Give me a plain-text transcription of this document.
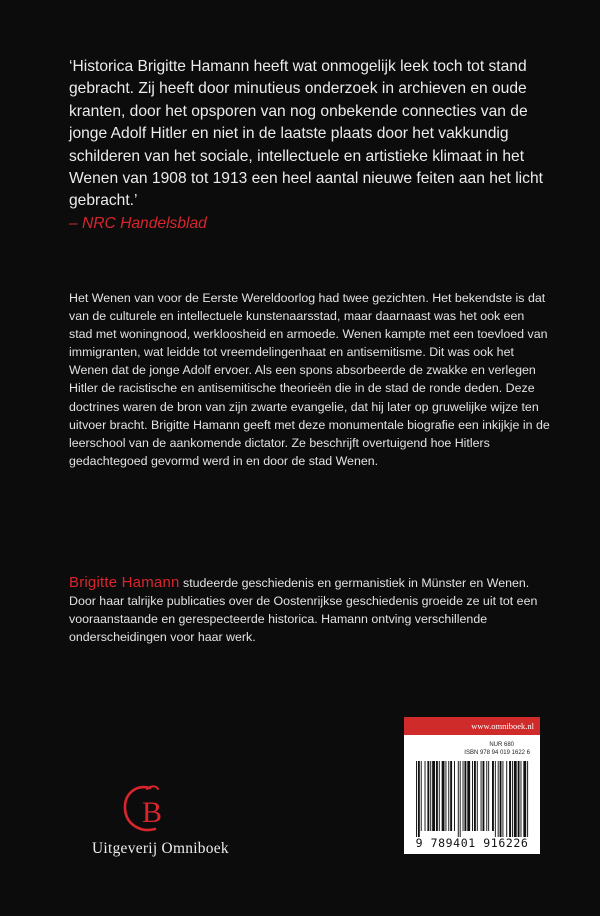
‘Historica Brigitte Hamann heeft wat onmogelijk leek toch tot stand gebracht. Zij heeft door minutieus onderzoek in archieven en oude kranten, door het opsporen van nog onbekende connecties van de jonge Adolf Hitler en niet in de laatste plaats door het vakkundig schilderen van het sociale, intellectuele en artistieke klimaat in het Wenen van 1908 tot 1913 een heel aantal nieuwe feiten aan het licht gebracht.’
– NRC Handelsblad
Het Wenen van voor de Eerste Wereldoorlog had twee gezichten. Het bekendste is dat van de culturele en intellectuele kunstenaarsstad, maar daarnaast was het ook een stad met woningnood, werkloosheid en armoede. Wenen kampte met een toevloed van immigranten, wat leidde tot vreemdelingenhaat en antisemitisme. Dit was ook het Wenen dat de jonge Adolf ervoer. Als een spons absorbeerde de zwakke en verlegen Hitler de racistische en antisemitische theorieën die in de stad de ronde deden. Deze doctrines waren de bron van zijn zwarte evangelie, dat hij later op gruwelijke wijze ten uitvoer bracht. Brigitte Hamann geeft met deze monumentale biografie een inkijkje in de leerschool van de aankomende dictator. Ze beschrijft overtuigend hoe Hitlers gedachtegoed gevormd werd in en door de stad Wenen.
Brigitte Hamann studeerde geschiedenis en germanistiek in Münster en Wenen. Door haar talrijke publicaties over de Oostenrijkse geschiedenis groeide ze uit tot een vooraanstaande en gerespecteerde historica. Hamann ontving verschillende onderscheidingen voor haar werk.
B
Uitgeverij Omniboek
www.omniboek.nl
NUR 680
ISBN 978 94 019 1622 6
9 789401 916226
